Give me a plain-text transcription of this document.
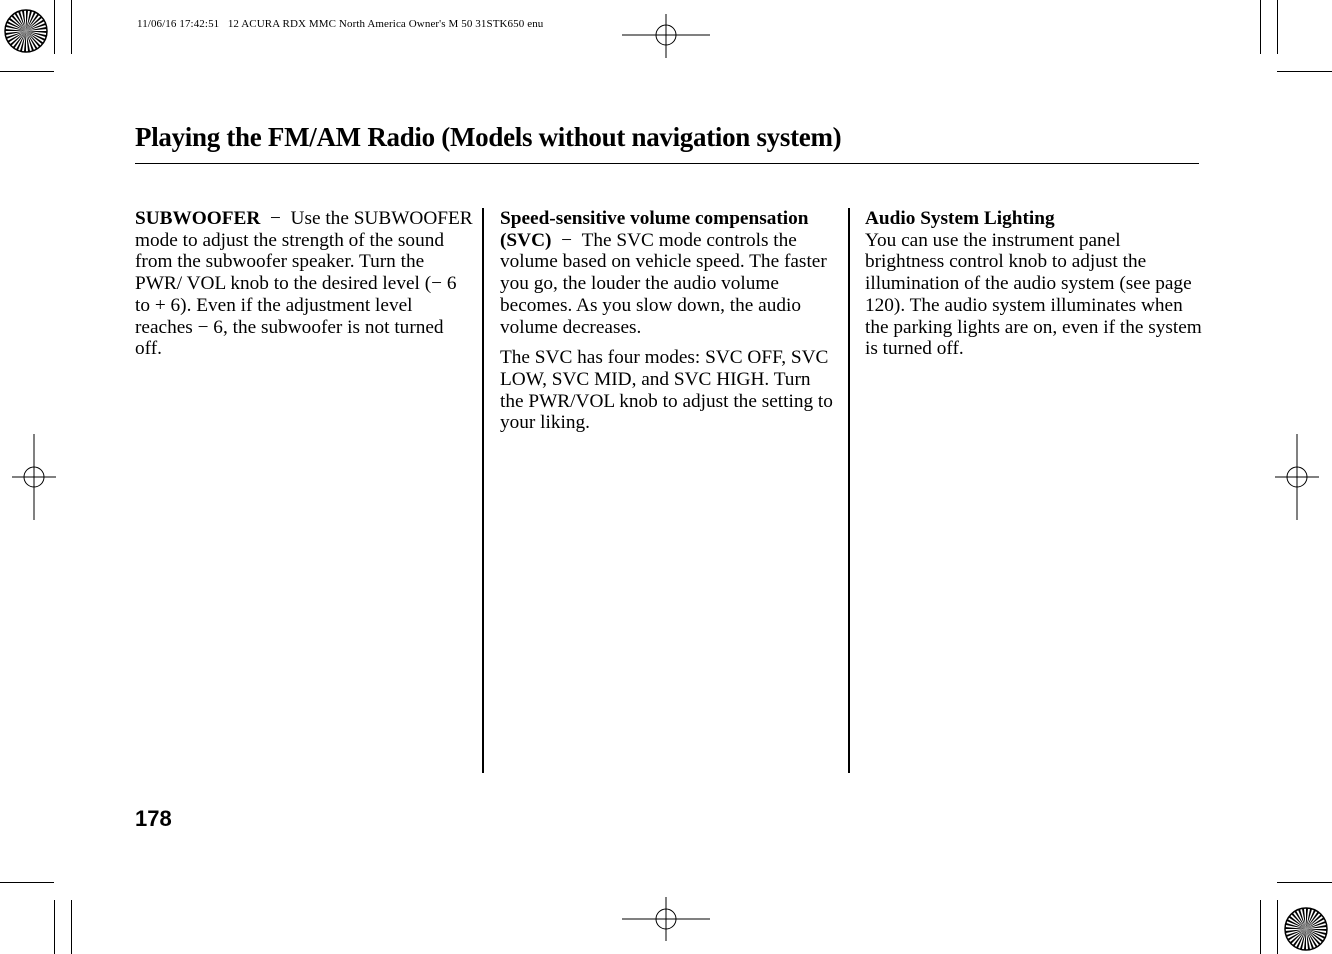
11/06/16 17:42:51   12 ACURA RDX MMC North America Owner's M 50 31STK650 enu
Playing the FM/AM Radio (Models without navigation system)

SUBWOOFER − Use the SUBWOOFER mode to adjust the strength of the sound from the subwoofer speaker. Turn the PWR/ VOL knob to the desired level (− 6 to + 6). Even if the adjustment level reaches − 6, the subwoofer is not turned off.

Speed-sensitive volume compensation (SVC) − The SVC mode controls the volume based on vehicle speed. The faster you go, the louder the audio volume becomes. As you slow down, the audio volume decreases.

The SVC has four modes: SVC OFF, SVC LOW, SVC MID, and SVC HIGH. Turn the PWR/VOL knob to adjust the setting to your liking.

Audio System Lighting

You can use the instrument panel brightness control knob to adjust the illumination of the audio system (see page 120). The audio system illuminates when the parking lights are on, even if the system is turned off.

178
